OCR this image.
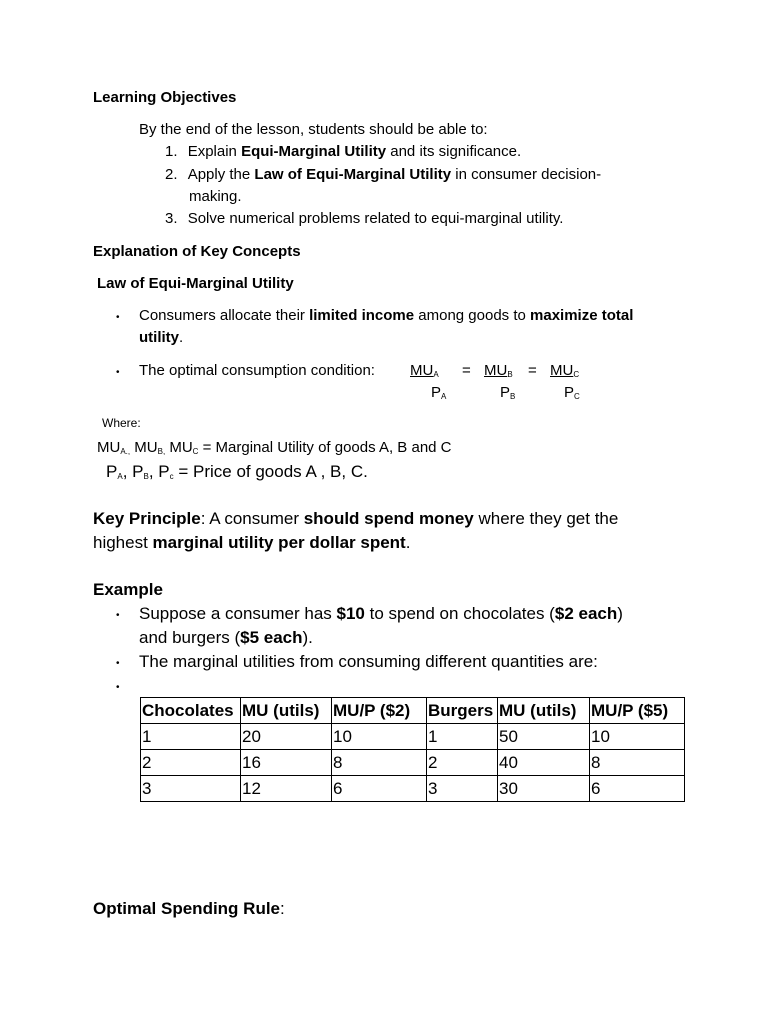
Learning Objectives
By the end of the lesson, students should be able to:
1. Explain Equi-Marginal Utility and its significance.
2. Apply the Law of Equi-Marginal Utility in consumer decision-
making.
3. Solve numerical problems related to equi-marginal utility.
Explanation of Key Concepts
Law of Equi-Marginal Utility
• Consumers allocate their limited income among goods to maximize total
utility.
• The optimal consumption condition: $MU_A = MU_B = MU_C$
$P_A$	$P_B$	$P_C$
Where:
$MU_{A.,}$ $MU_{B,}$ $MU_C$ = Marginal Utility of goods A, B and C
$P_A$, $P_B$, $P_c$ = Price of goods A , B, C.
Key Principle: A consumer should spend money where they get the
highest marginal utility per dollar spent.
Example
• Suppose a consumer has $10 to spend on chocolates ($2 each)
and burgers ($5 each).
• The marginal utilities from consuming different quantities are:
•
Chocolates	MU (utils)	MU/P ($2)	Burgers	MU (utils)	MU/P ($5)
1	20	10	1	50	10
2	16	8	2	40	8
3	12	6	3	30	6
Optimal Spending Rule:
